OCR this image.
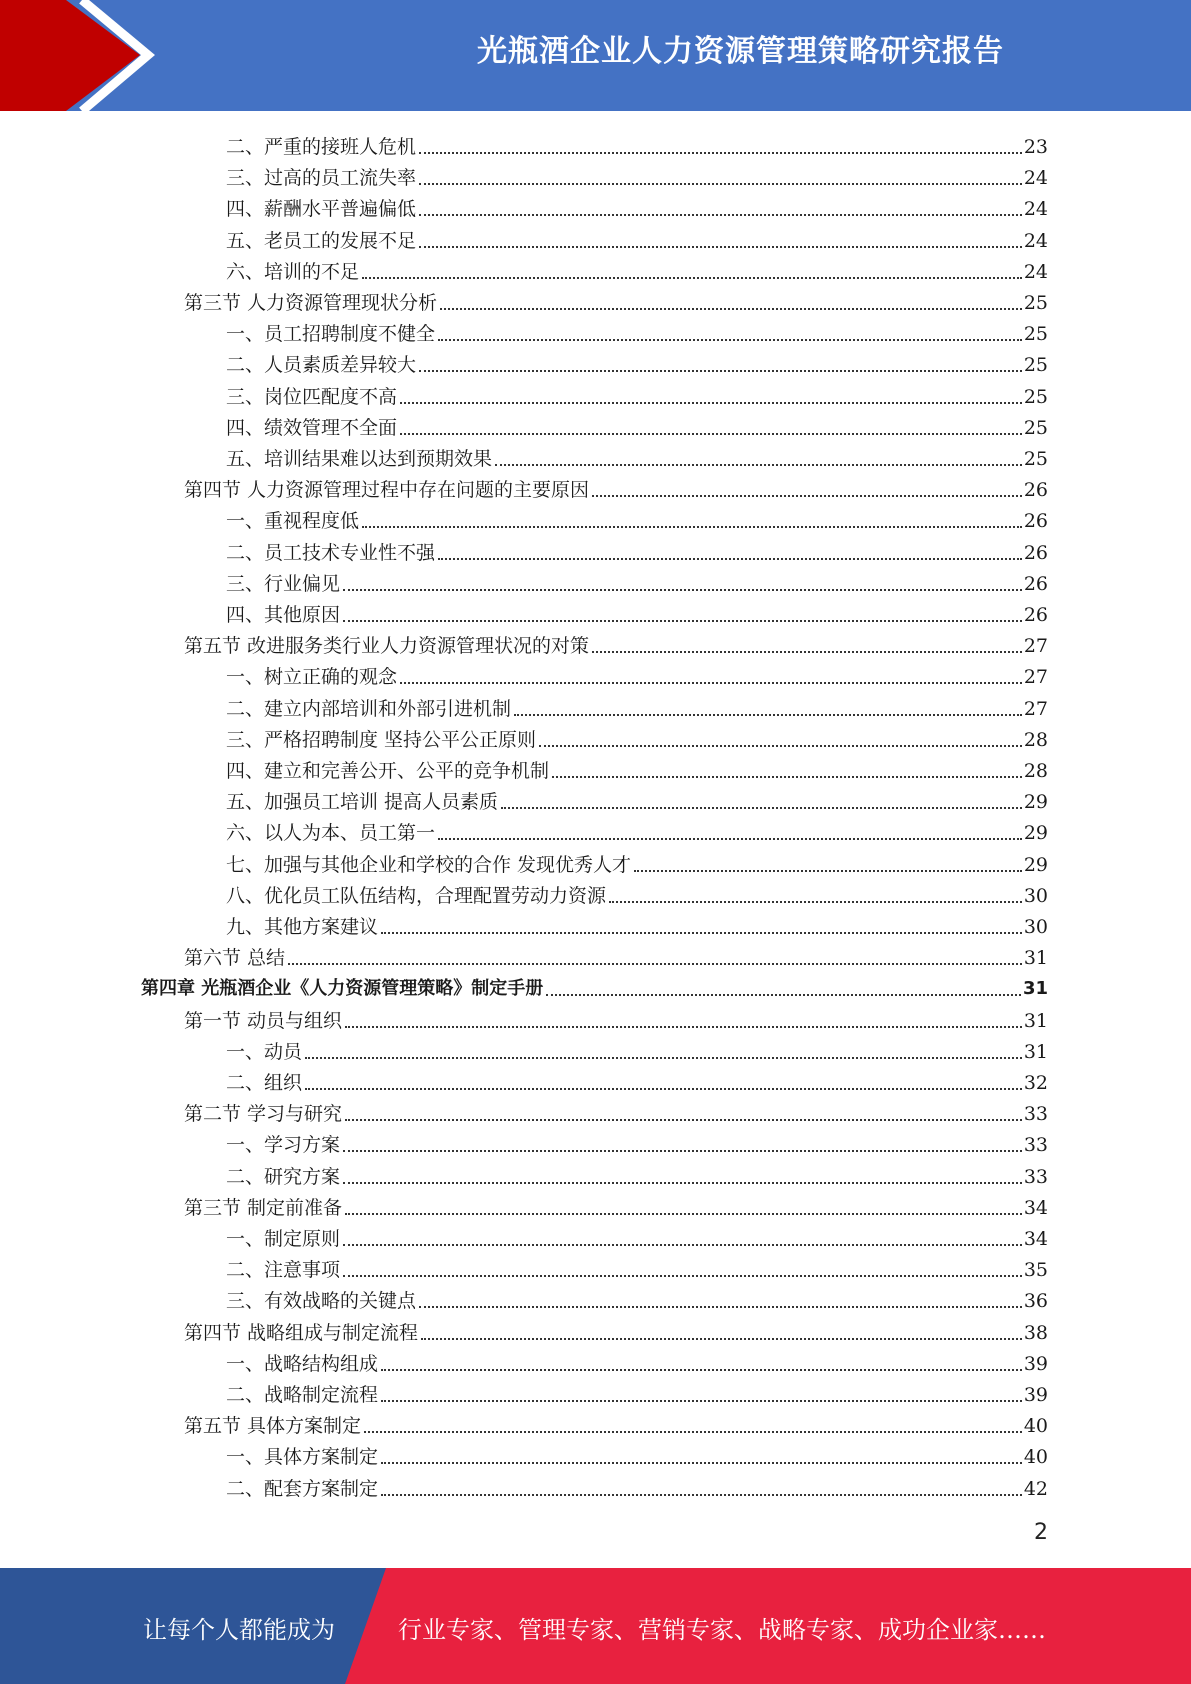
光瓶酒企业人力资源管理策略研究报告
二、严重的接班人危机	23
三、过高的员工流失率	24
四、薪酬水平普遍偏低	24
五、老员工的发展不足	24
六、培训的不足	24
第三节 人力资源管理现状分析	25
一、员工招聘制度不健全	25
二、人员素质差异较大	25
三、岗位匹配度不高	25
四、绩效管理不全面	25
五、培训结果难以达到预期效果	25
第四节 人力资源管理过程中存在问题的主要原因	26
一、重视程度低	26
二、员工技术专业性不强	26
三、行业偏见	26
四、其他原因	26
第五节 改进服务类行业人力资源管理状况的对策	27
一、树立正确的观念	27
二、建立内部培训和外部引进机制	27
三、严格招聘制度 坚持公平公正原则	28
四、建立和完善公开、公平的竞争机制	28
五、加强员工培训 提高人员素质	29
六、以人为本、员工第一	29
七、加强与其他企业和学校的合作 发现优秀人才	29
八、优化员工队伍结构，合理配置劳动力资源	30
九、其他方案建议	30
第六节 总结	31
第四章 光瓶酒企业《人力资源管理策略》制定手册	31
第一节 动员与组织	31
一、动员	31
二、组织	32
第二节 学习与研究	33
一、学习方案	33
二、研究方案	33
第三节 制定前准备	34
一、制定原则	34
二、注意事项	35
三、有效战略的关键点	36
第四节 战略组成与制定流程	38
一、战略结构组成	39
二、战略制定流程	39
第五节 具体方案制定	40
一、具体方案制定	40
二、配套方案制定	42
2
让每个人都能成为	行业专家、管理专家、营销专家、战略专家、成功企业家……
